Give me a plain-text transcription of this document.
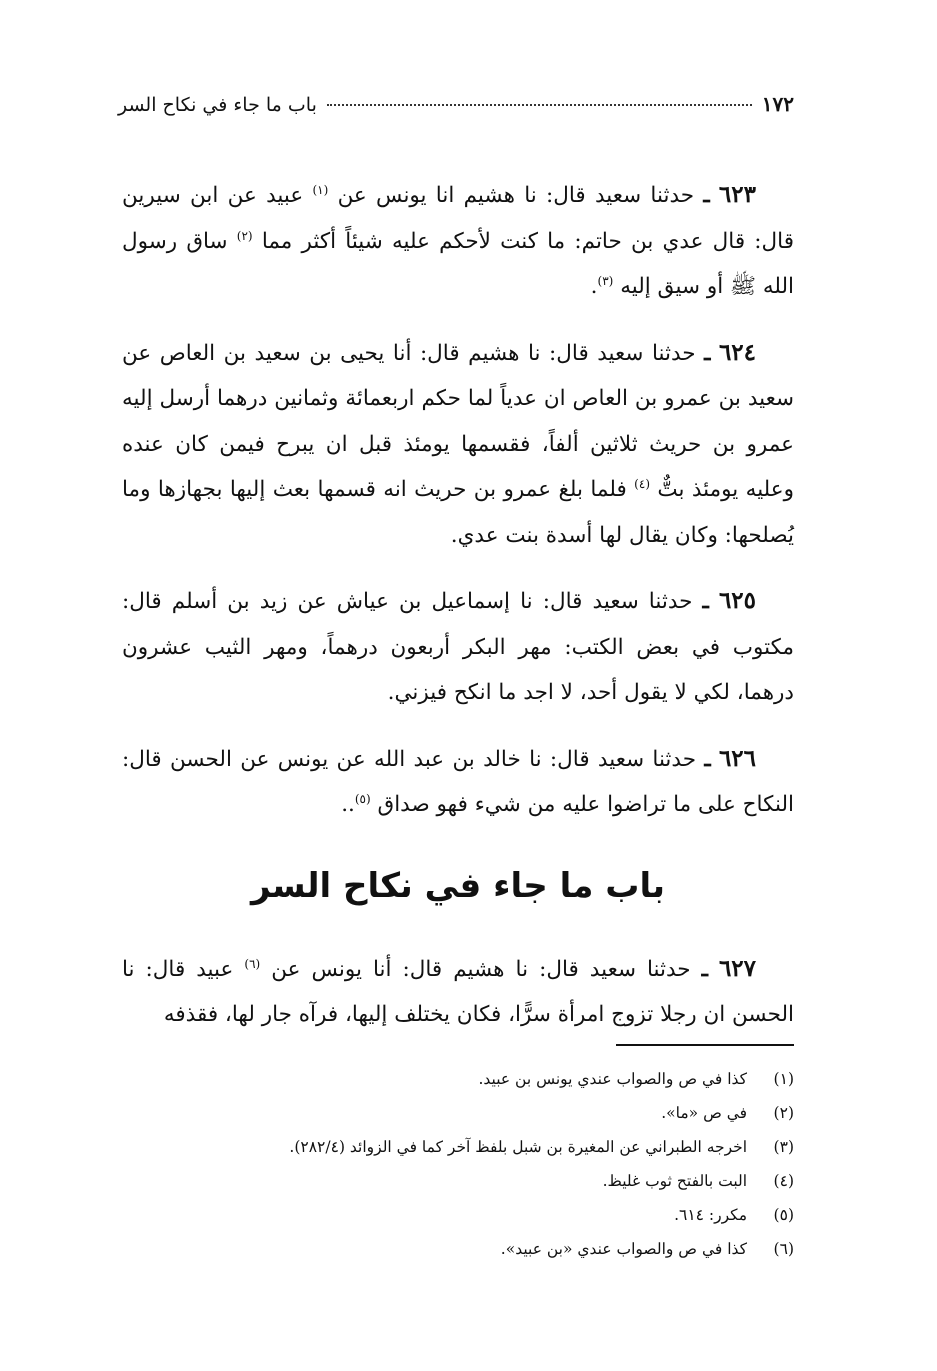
١٧٢
باب ما جاء في نكاح السر

٦٢٣ ـ حدثنا سعيد قال: نا هشيم انا يونس عن $^{(١)}$ عبيد عن ابن سيرين قال: قال عدي بن حاتم: ما كنت لأحكم عليه شيئاً أكثر مما $^{(٢)}$ ساق رسول الله ﷺ أو سيق إليه $^{(٣)}$.

٦٢٤ ـ حدثنا سعيد قال: نا هشيم قال: أنا يحيى بن سعيد بن العاص عن سعيد بن عمرو بن العاص ان عدياً لما حكم اربعمائة وثمانين درهما أرسل إليه عمرو بن حريث ثلاثين ألفاً، فقسمها يومئذ قبل ان يبرح فيمن كان عنده وعليه يومئذ بتٌّ $^{(٤)}$ فلما بلغ عمرو بن حريث انه قسمها بعث إليها بجهازها وما يُصلحها: وكان يقال لها أسدة بنت عدي.

٦٢٥ ـ حدثنا سعيد قال: نا إسماعيل بن عياش عن زيد بن أسلم قال: مكتوب في بعض الكتب: مهر البكر أربعون درهماً، ومهر الثيب عشرون درهما، لكي لا يقول أحد، لا اجد ما انكح فيزني.

٦٢٦ ـ حدثنا سعيد قال: نا خالد بن عبد الله عن يونس عن الحسن قال: النكاح على ما تراضوا عليه من شيء فهو صداق $^{(٥)}$..

باب ما جاء في نكاح السر

٦٢٧ ـ حدثنا سعيد قال: نا هشيم قال: أنا يونس عن $^{(٦)}$ عبيد قال: نا الحسن ان رجلا تزوج امرأة سرًّا، فكان يختلف إليها، فرآه جار لها، فقذفه

(١) كذا في ص والصواب عندي يونس بن عبيد.
(٢) في ص «ما».
(٣) اخرجه الطبراني عن المغيرة بن شبل بلفظ آخر كما في الزوائد (٢٨٢/٤).
(٤) البت بالفتح ثوب غليظ.
(٥) مكرر: ٦١٤.
(٦) كذا في ص والصواب عندي «بن عبيد».
